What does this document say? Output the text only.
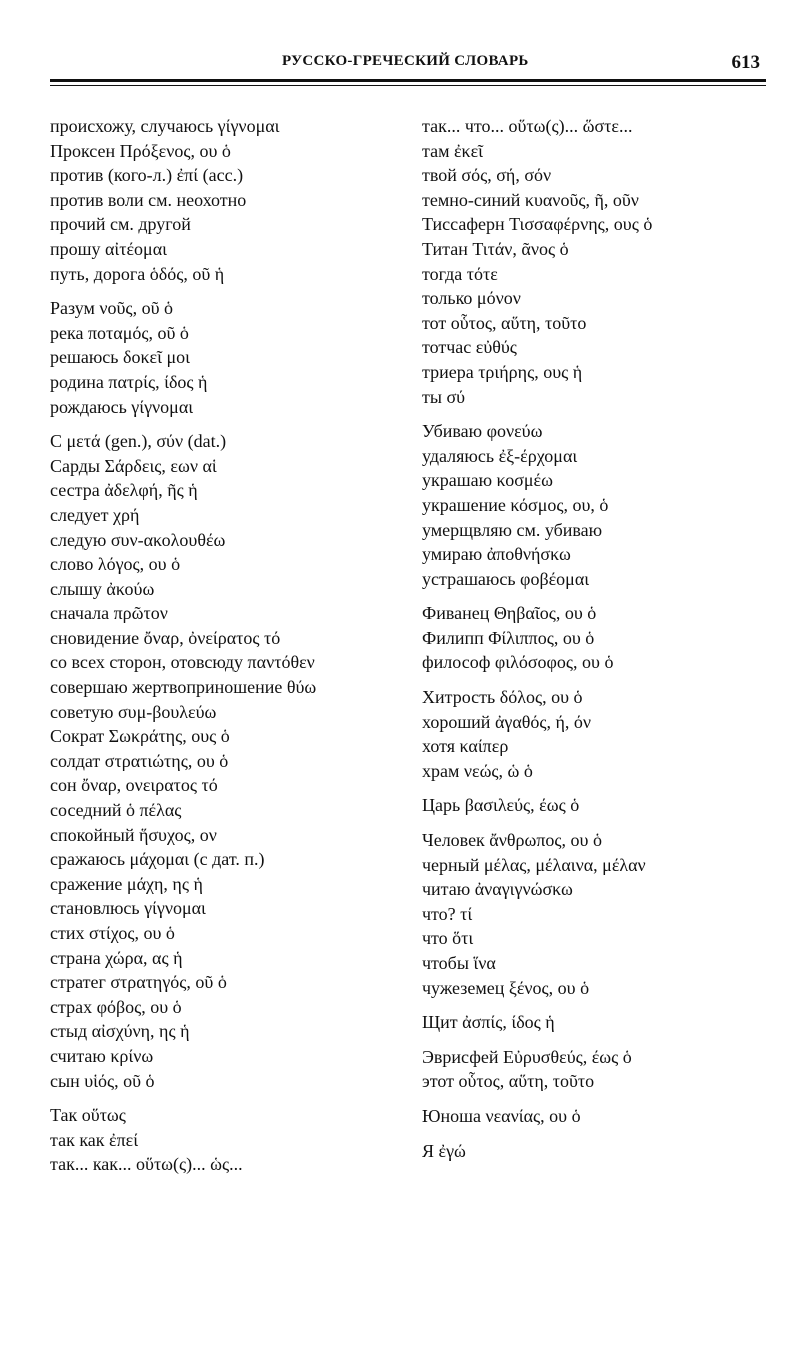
РУССКО-ГРЕЧЕСКИЙ СЛОВАРЬ	613
происхожу, случаюсь γίγνομαι
Проксен Πρόξενος, ου ὁ
против (кого-л.) ἐπί (acc.)
против воли см. неохотно
прочий см. другой
прошу αἰτέομαι
путь, дорога ὁδός, οῦ ἡ
Разум νοῦς, οῦ ὁ
река ποταμός, οῦ ὁ
решаюсь δοκεῖ μοι
родина πατρίς, ίδος ἡ
рождаюсь γίγνομαι
С μετά (gen.), σύν (dat.)
Сарды Σάρδεις, εων αἱ
сестра ἀδελφή, ῆς ἡ
следует χρή
следую συν-ακολουθέω
слово λόγος, ου ὁ
слышу ἀκούω
сначала πρῶτον
сновидение ὄναρ, ὀνείρατος τό
со всех сторон, отовсюду παντόθεν
совершаю жертвоприношение θύω
советую συμ-βουλεύω
Сократ Σωκράτης, ους ὁ
солдат στρατιώτης, ου ὁ
сон ὄναρ, ονειρατος τό
соседний ὁ πέλας
спокойный ἥσυχος, ον
сражаюсь μάχομαι (с дат. п.)
сражение μάχη, ης ἡ
становлюсь γίγνομαι
стих στίχος, ου ὁ
страна χώρα, ας ἡ
стратег στρατηγός, οῦ ὁ
страх φόβος, ου ὁ
стыд αἰσχύνη, ης ἡ
считаю κρίνω
сын υἱός, οῦ ὁ
Так οὕτως
так как ἐπεί
так... как... οὕτω(ς)... ὡς...
так... что... οὕτω(ς)... ὥστε...
там ἐκεῖ
твой σός, σή, σόν
темно-синий κυανοῦς, ῆ, οῦν
Тиссаферн Τισσαφέρνης, ους ὁ
Титан Τιτάν, ᾶνος ὁ
тогда τότε
только μόνον
тот οὗτος, αὕτη, τοῦτο
тотчас εὐθύς
триера τριήρης, ους ἡ
ты σύ
Убиваю φονεύω
удаляюсь ἐξ-έρχομαι
украшаю κοσμέω
украшение κόσμος, ου, ὁ
умерщвляю см. убиваю
умираю ἀποθνήσκω
устрашаюсь φοβέομαι
Фиванец Θηβαῖος, ου ὁ
Филипп Φίλιππος, ου ὁ
философ φιλόσοφος, ου ὁ
Хитрость δόλος, ου ὁ
хороший ἀγαθός, ή, όν
хотя καίπερ
храм νεώς, ὡ ὁ
Царь βασιλεύς, έως ὁ
Человек ἄνθρωπος, ου ὁ
черный μέλας, μέλαινα, μέλαν
читаю ἀναγιγνώσκω
что? τί
что ὅτι
чтобы ἵνα
чужеземец ξένος, ου ὁ
Щит ἀσπίς, ίδος ἡ
Эврисфей Εὐρυσθεύς, έως ὁ
этот οὗτος, αὕτη, τοῦτο
Юноша νεανίας, ου ὁ
Я ἐγώ
